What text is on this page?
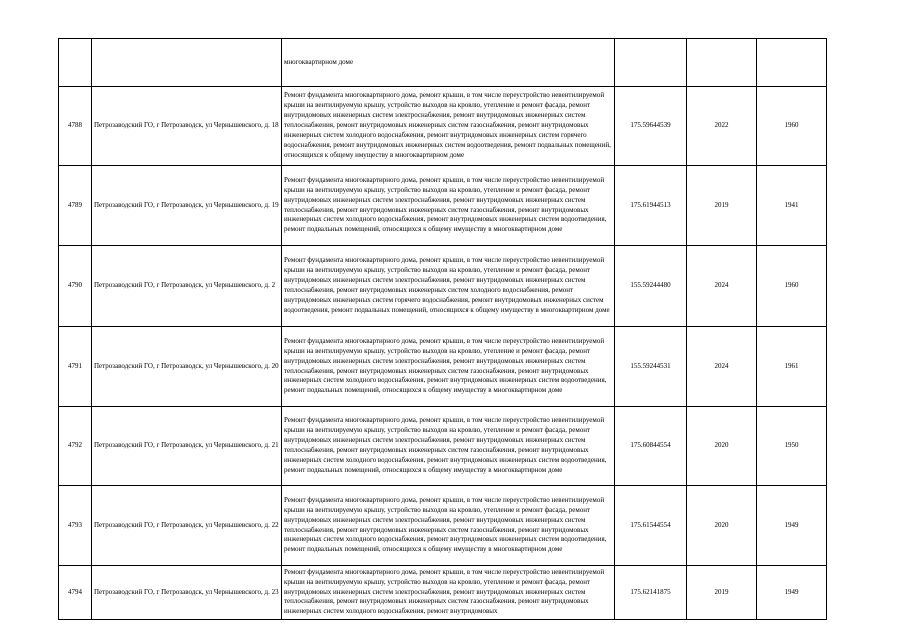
		многоквартирном доме			
4788	Петрозаводский ГО, г Петрозаводск, ул Чернышевского, д. 18	Ремонт фундамента многоквартирного дома, ремонт крыши, в том числе переустройство невентилируемой крыши на вентилируемую крышу, устройство выходов на кровлю, утепление и ремонт фасада, ремонт внутридомовых инженерных систем электроснабжения, ремонт внутридомовых инженерных систем теплоснабжения, ремонт внутридомовых инженерных систем газоснабжения, ремонт внутридомовых инженерных систем холодного водоснабжения, ремонт внутридомовых инженерных систем горячего водоснабжения, ремонт внутридомовых инженерных систем водоотведения, ремонт подвальных помещений, относящихся к общему имуществу в многоквартирном доме	175.59644539	2022	1960
4789	Петрозаводский ГО, г Петрозаводск, ул Чернышевского, д. 19	Ремонт фундамента многоквартирного дома, ремонт крыши, в том числе переустройство невентилируемой крыши на вентилируемую крышу, устройство выходов на кровлю, утепление и ремонт фасада, ремонт внутридомовых инженерных систем электроснабжения, ремонт внутридомовых инженерных систем теплоснабжения, ремонт внутридомовых инженерных систем газоснабжения, ремонт внутридомовых инженерных систем холодного водоснабжения, ремонт внутридомовых инженерных систем водоотведения, ремонт подвальных помещений, относящихся к общему имуществу в многоквартирном доме	175.61944513	2019	1941
4790	Петрозаводский ГО, г Петрозаводск, ул Чернышевского, д. 2	Ремонт фундамента многоквартирного дома, ремонт крыши, в том числе переустройство невентилируемой крыши на вентилируемую крышу, устройство выходов на кровлю, утепление и ремонт фасада, ремонт внутридомовых инженерных систем электроснабжения, ремонт внутридомовых инженерных систем теплоснабжения, ремонт внутридомовых инженерных систем холодного водоснабжения, ремонт внутридомовых инженерных систем горячего водоснабжения, ремонт внутридомовых инженерных систем водоотведения, ремонт подвальных помещений, относящихся к общему имуществу в многоквартирном доме	155.59244480	2024	1960
4791	Петрозаводский ГО, г Петрозаводск, ул Чернышевского, д. 20	Ремонт фундамента многоквартирного дома, ремонт крыши, в том числе переустройство невентилируемой крыши на вентилируемую крышу, устройство выходов на кровлю, утепление и ремонт фасада, ремонт внутридомовых инженерных систем электроснабжения, ремонт внутридомовых инженерных систем теплоснабжения, ремонт внутридомовых инженерных систем газоснабжения, ремонт внутридомовых инженерных систем холодного водоснабжения, ремонт внутридомовых инженерных систем водоотведения, ремонт подвальных помещений, относящихся к общему имуществу в многоквартирном доме	155.59244531	2024	1961
4792	Петрозаводский ГО, г Петрозаводск, ул Чернышевского, д. 21	Ремонт фундамента многоквартирного дома, ремонт крыши, в том числе переустройство невентилируемой крыши на вентилируемую крышу, устройство выходов на кровлю, утепление и ремонт фасада, ремонт внутридомовых инженерных систем электроснабжения, ремонт внутридомовых инженерных систем теплоснабжения, ремонт внутридомовых инженерных систем газоснабжения, ремонт внутридомовых инженерных систем холодного водоснабжения, ремонт внутридомовых инженерных систем водоотведения, ремонт подвальных помещений, относящихся к общему имуществу в многоквартирном доме	175.60844554	2020	1950
4793	Петрозаводский ГО, г Петрозаводск, ул Чернышевского, д. 22	Ремонт фундамента многоквартирного дома, ремонт крыши, в том числе переустройство невентилируемой крыши на вентилируемую крышу, устройство выходов на кровлю, утепление и ремонт фасада, ремонт внутридомовых инженерных систем электроснабжения, ремонт внутридомовых инженерных систем теплоснабжения, ремонт внутридомовых инженерных систем газоснабжения, ремонт внутридомовых инженерных систем холодного водоснабжения, ремонт внутридомовых инженерных систем водоотведения, ремонт подвальных помещений, относящихся к общему имуществу в многоквартирном доме	175.61544554	2020	1949
4794	Петрозаводский ГО, г Петрозаводск, ул Чернышевского, д. 23	Ремонт фундамента многоквартирного дома, ремонт крыши, в том числе переустройство невентилируемой крыши на вентилируемую крышу, устройство выходов на кровлю, утепление и ремонт фасада, ремонт внутридомовых инженерных систем электроснабжения, ремонт внутридомовых инженерных систем теплоснабжения, ремонт внутридомовых инженерных систем газоснабжения, ремонт внутридомовых инженерных систем холодного водоснабжения, ремонт внутридомовых	175.62141875	2019	1949
